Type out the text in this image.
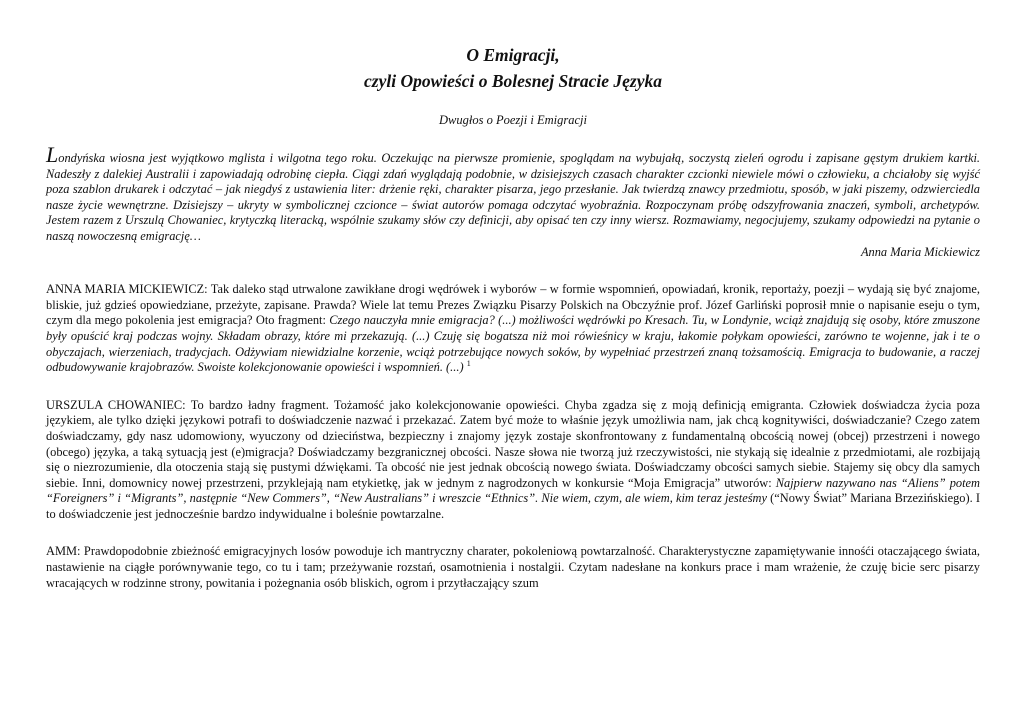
O Emigracji,
czyli Opowieści o Bolesnej Stracie Języka

Dwugłos o Poezji i Emigracji

Londyńska wiosna jest wyjątkowo mglista i wilgotna tego roku. Oczekując na pierwsze promienie, spoglądam na wybujałą, soczystą zieleń ogrodu i zapisane gęstym drukiem kartki. Nadeszły z dalekiej Australii i zapowiadają odrobinę ciepła. Ciągi zdań wyglądają podobnie, w dzisiejszych czasach charakter czcionki niewiele mówi o człowieku, a chciałoby się wyjść poza szablon drukarek i odczytać – jak niegdyś z ustawienia liter: drżenie ręki, charakter pisarza, jego przesłanie. Jak twierdzą znawcy przedmiotu, sposób, w jaki piszemy, odzwierciedla nasze życie wewnętrzne. Dzisiejszy – ukryty w symbolicznej czcionce – świat autorów pomaga odczytać wyobraźnia. Rozpoczynam próbę odszyfrowania znaczeń, symboli, archetypów. Jestem razem z Urszulą Chowaniec, krytyczką literacką, wspólnie szukamy słów czy definicji, aby opisać ten czy inny wiersz. Rozmawiamy, negocjujemy, szukamy odpowiedzi na pytanie o naszą nowoczesną emigrację…

Anna Maria Mickiewicz

ANNA MARIA MICKIEWICZ: Tak daleko stąd utrwalone zawikłane drogi wędrówek i wyborów – w formie wspomnień, opowiadań, kronik, reportaży, poezji – wydają się być znajome, bliskie, już gdzieś opowiedziane, przeżyte, zapisane. Prawda? Wiele lat temu Prezes Związku Pisarzy Polskich na Obczyźnie prof. Józef Garliński poprosił mnie o napisanie eseju o tym, czym dla mego pokolenia jest emigracja? Oto fragment: Czego nauczyła mnie emigracja? (...) możliwości wędrówki po Kresach. Tu, w Londynie, wciąż znajdują się osoby, które zmuszone były opuścić kraj podczas wojny. Składam obrazy, które mi przekazują. (...) Czuję się bogatsza niż moi rówieśnicy w kraju, łakomie połykam opowieści, zarówno te wojenne, jak i te o obyczajach, wierzeniach, tradycjach. Odżywiam niewidzialne korzenie, wciąż potrzebujące nowych soków, by wypełniać przestrzeń znaną tożsamością. Emigracja to budowanie, a raczej odbudowywanie krajobrazów. Swoiste kolekcjonowanie opowieści i wspomnień. (...) $^1$

URSZULA CHOWANIEC: To bardzo ładny fragment. Tożamość jako kolekcjonowanie opowieści. Chyba zgadza się z moją definicją emigranta. Człowiek doświadcza życia poza językiem, ale tylko dzięki językowi potrafi to doświadczenie nazwać i przekazać. Zatem być może to właśnie język umożliwia nam, jak chcą kognitywiści, doświadczanie? Czego zatem doświadczamy, gdy nasz udomowiony, wyuczony od dzieciństwa, bezpieczny i znajomy język zostaje skonfrontowany z fundamentalną obcością nowej (obcej) przestrzeni i nowego (obcego) języka, a taką sytuacją jest (e)migracja? Doświadczamy bezgranicznej obcości. Nasze słowa nie tworzą już rzeczywistości, nie stykają się idealnie z przedmiotami, ale rozbijają się o niezrozumienie, dla otoczenia stają się pustymi dźwiękami. Ta obcość nie jest jednak obcością nowego świata. Doświadczamy obcości samych siebie. Stajemy się obcy dla samych siebie. Inni, domownicy nowej przestrzeni, przyklejają nam etykietkę, jak w jednym z nagrodzonych w konkursie “Moja Emigracja” utworów: Najpierw nazywano nas “Aliens” potem “Foreigners” i “Migrants”, następnie “New Commers”, “New Australians” i wreszcie “Ethnics”. Nie wiem, czym, ale wiem, kim teraz jesteśmy (“Nowy Świat” Mariana Brzezińskiego). I to doświadczenie jest jednocześnie bardzo indywidualne i boleśnie powtarzalne.

AMM: Prawdopodobnie zbieżność emigracyjnych losów powoduje ich mantryczny charater, pokoleniową powtarzalność. Charakterystyczne zapamiętywanie innośći otaczającego świata, nastawienie na ciągłe porównywanie tego, co tu i tam; przeżywanie rozstań, osamotnienia i nostalgii. Czytam nadesłane na konkurs prace i mam wrażenie, że czuję bicie serc pisarzy wracających w rodzinne strony, powitania i pożegnania osób bliskich, ogrom i przytłaczający szum
